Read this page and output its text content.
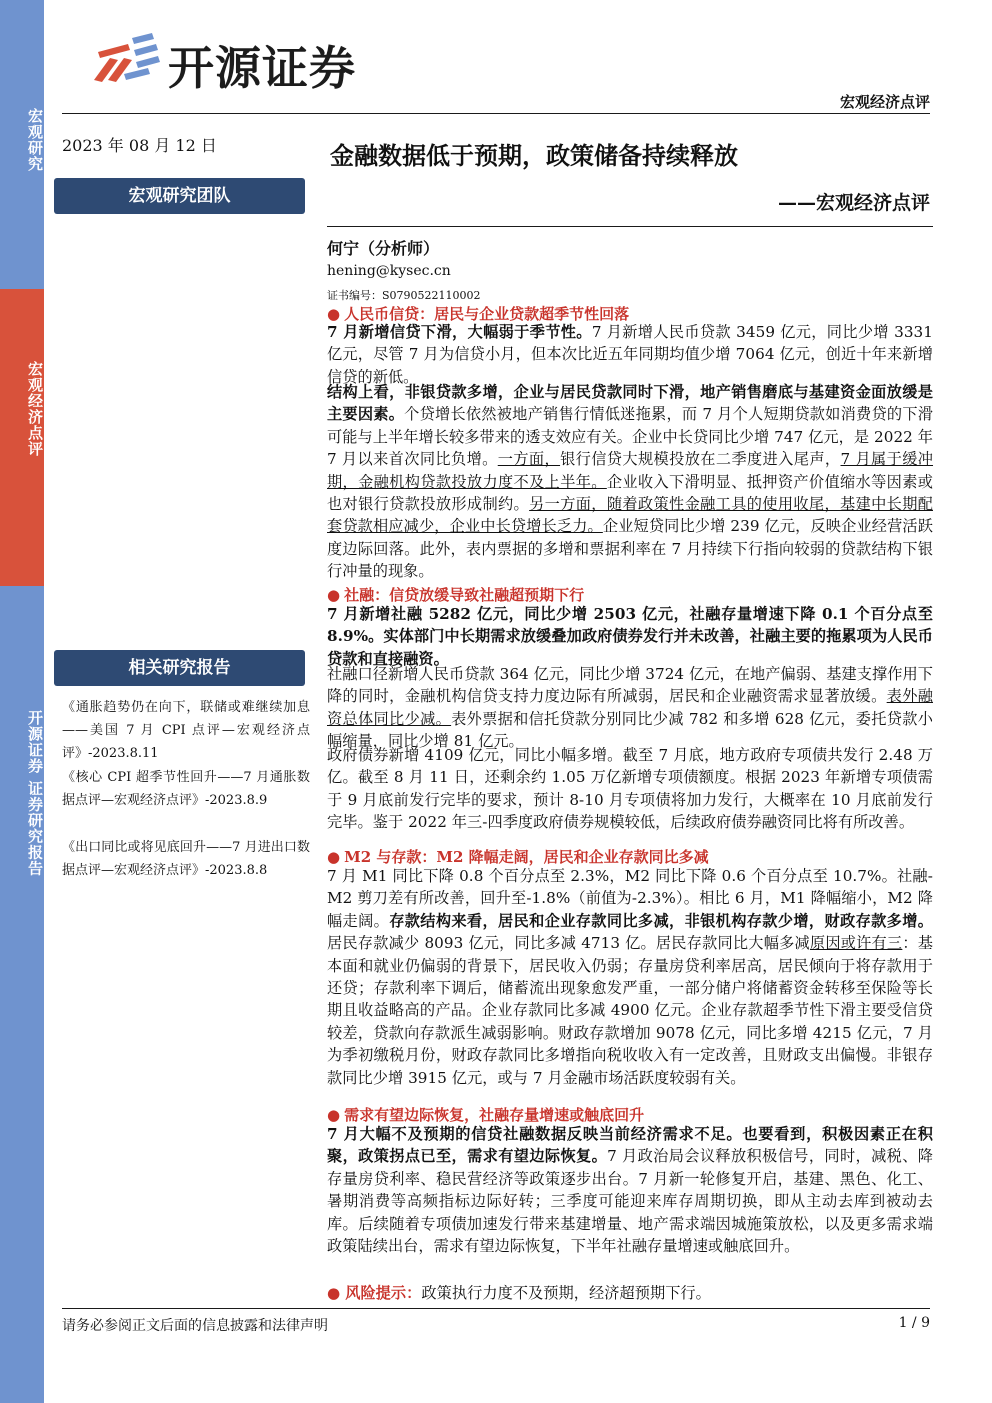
宏观研究
宏观经济点评
开源证券 证券研究报告
开源证券
宏观经济点评
2023 年 08 月 12 日	金融数据低于预期，政策储备持续释放
——宏观经济点评
宏观研究团队
何宁（分析师）
hening@kysec.cn
证书编号：S0790522110002
相关研究报告
《通胀趋势仍在向下，联储或难继续加息——美国 7 月 CPI 点评—宏观经济点评》-2023.8.11
《核心 CPI 超季节性回升——7 月通胀数据点评—宏观经济点评》-2023.8.9
《出口同比或将见底回升——7 月进出口数据点评—宏观经济点评》-2023.8.8
● 人民币信贷：居民与企业贷款超季节性回落
7 月新增信贷下滑，大幅弱于季节性。7 月新增人民币贷款 3459 亿元，同比少增 3331 亿元，尽管 7 月为信贷小月，但本次比近五年同期均值少增 7064 亿元，创近十年来新增信贷的新低。
结构上看，非银贷款多增，企业与居民贷款同时下滑，地产销售磨底与基建资金面放缓是主要因素。个贷增长依然被地产销售行情低迷拖累，而 7 月个人短期贷款如消费贷的下滑可能与上半年增长较多带来的透支效应有关。企业中长贷同比少增 747 亿元，是 2022 年 7 月以来首次同比负增。一方面，银行信贷大规模投放在二季度进入尾声，7 月属于缓冲期，金融机构贷款投放力度不及上半年。企业收入下滑明显、抵押资产价值缩水等因素或也对银行贷款投放形成制约。另一方面，随着政策性金融工具的使用收尾，基建中长期配套贷款相应减少，企业中长贷增长乏力。企业短贷同比少增 239 亿元，反映企业经营活跃度边际回落。此外，表内票据的多增和票据利率在 7 月持续下行指向较弱的贷款结构下银行冲量的现象。
● 社融：信贷放缓导致社融超预期下行
7 月新增社融 5282 亿元，同比少增 2503 亿元，社融存量增速下降 0.1 个百分点至 8.9%。实体部门中长期需求放缓叠加政府债券发行并未改善，社融主要的拖累项为人民币贷款和直接融资。
社融口径新增人民币贷款 364 亿元，同比少增 3724 亿元，在地产偏弱、基建支撑作用下降的同时，金融机构信贷支持力度边际有所减弱，居民和企业融资需求显著放缓。表外融资总体同比少减。表外票据和信托贷款分别同比少减 782 和多增 628 亿元，委托贷款小幅缩量，同比少增 81 亿元。
政府债券新增 4109 亿元，同比小幅多增。截至 7 月底，地方政府专项债共发行 2.48 万亿。截至 8 月 11 日，还剩余约 1.05 万亿新增专项债额度。根据 2023 年新增专项债需于 9 月底前发行完毕的要求，预计 8-10 月专项债将加力发行，大概率在 10 月底前发行完毕。鉴于 2022 年三-四季度政府债券规模较低，后续政府债券融资同比将有所改善。
● M2 与存款：M2 降幅走阔，居民和企业存款同比多减
7 月 M1 同比下降 0.8 个百分点至 2.3%，M2 同比下降 0.6 个百分点至 10.7%。社融-M2 剪刀差有所改善，回升至-1.8%（前值为-2.3%）。相比 6 月，M1 降幅缩小，M2 降幅走阔。存款结构来看，居民和企业存款同比多减，非银机构存款少增，财政存款多增。居民存款减少 8093 亿元，同比多减 4713 亿。居民存款同比大幅多减原因或许有三：基本面和就业仍偏弱的背景下，居民收入仍弱；存量房贷利率居高，居民倾向于将存款用于还贷；存款利率下调后，储蓄流出现象愈发严重，一部分储户将储蓄资金转移至保险等长期且收益略高的产品。企业存款同比多减 4900 亿元。企业存款超季节性下滑主要受信贷较差，贷款向存款派生减弱影响。财政存款增加 9078 亿元，同比多增 4215 亿元，7 月为季初缴税月份，财政存款同比多增指向税收收入有一定改善，且财政支出偏慢。非银存款同比少增 3915 亿元，或与 7 月金融市场活跃度较弱有关。
● 需求有望边际恢复，社融存量增速或触底回升
7 月大幅不及预期的信贷社融数据反映当前经济需求不足。也要看到，积极因素正在积聚，政策拐点已至，需求有望边际恢复。7 月政治局会议释放积极信号，同时，减税、降存量房贷利率、稳民营经济等政策逐步出台。7 月新一轮修复开启，基建、黑色、化工、暑期消费等高频指标边际好转；三季度可能迎来库存周期切换，即从主动去库到被动去库。后续随着专项债加速发行带来基建增量、地产需求端因城施策放松，以及更多需求端政策陆续出台，需求有望边际恢复，下半年社融存量增速或触底回升。
● 风险提示：政策执行力度不及预期，经济超预期下行。
请务必参阅正文后面的信息披露和法律声明	1 / 9
